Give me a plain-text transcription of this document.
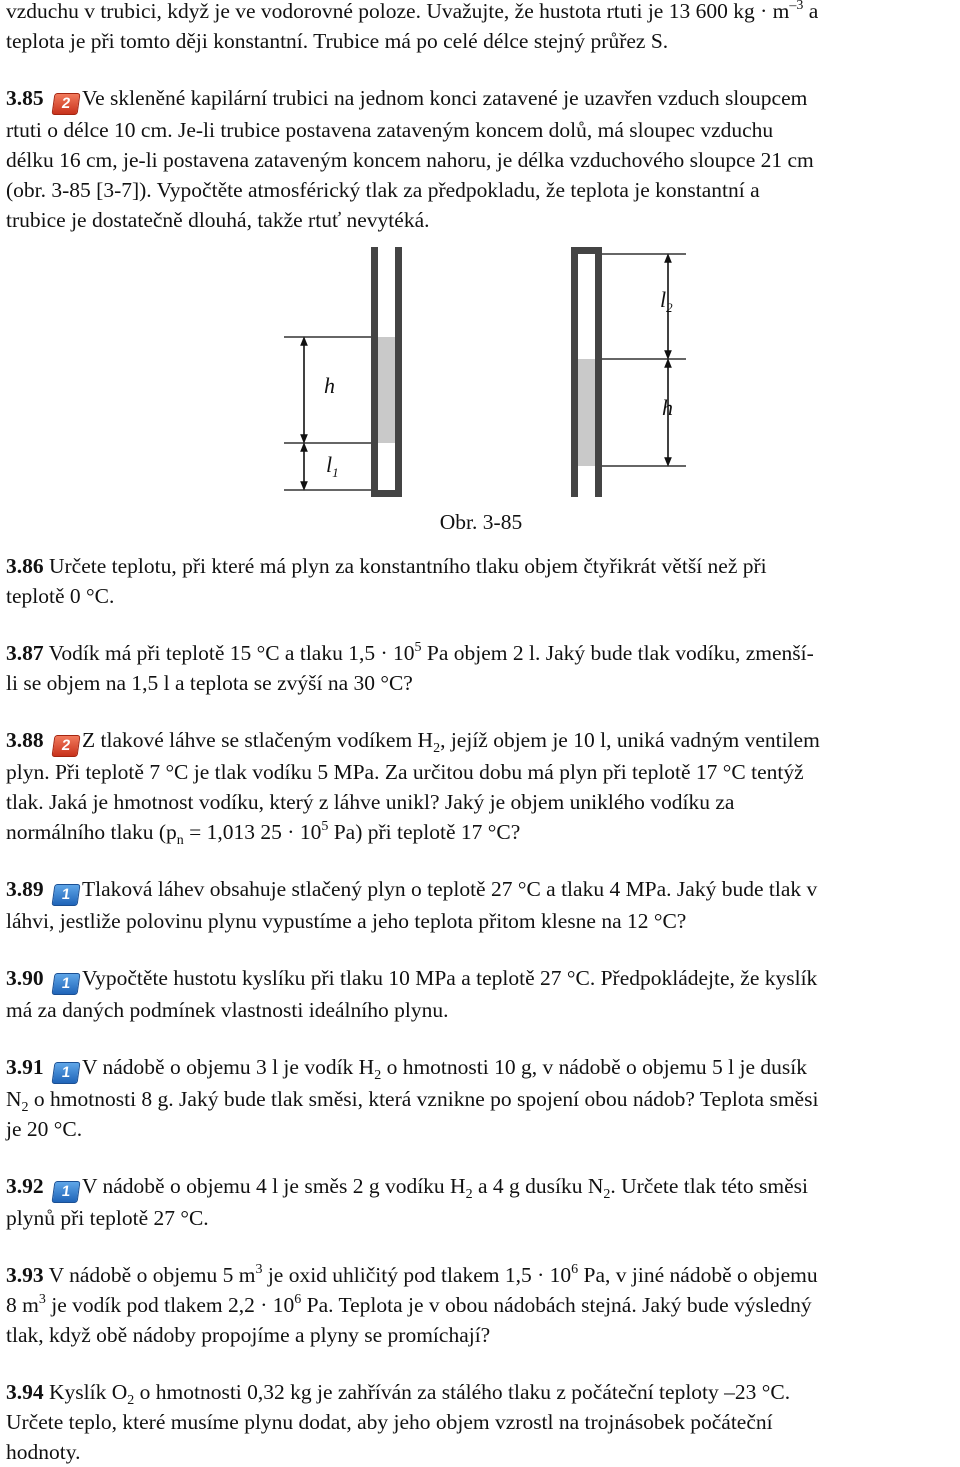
vzduchu v trubici, když je ve vodorovné poloze. Uvažujte, že hustota rtuti je 13 600 kg · $m^{-3}$ a

teplota je při tomto ději konstantní. Trubice má po celé délce stejný průřez S.

3.85 2 Ve skleněné kapilární trubici na jednom konci zatavené je uzavřen vzduch sloupcem

rtuti o délce 10 cm. Je-li trubice postavena zataveným koncem dolů, má sloupec vzduchu

délku 16 cm, je-li postavena zataveným koncem nahoru, je délka vzduchového sloupce 21 cm

(obr. 3-85 [3-7]). Vypočtěte atmosférický tlak za předpokladu, že teplota je konstantní a

trubice je dostatečně dlouhá, takže rtuť nevytéká.

h
$l_1$
$l_2$
h

Obr. 3-85

3.86 Určete teplotu, při které má plyn za konstantního tlaku objem čtyřikrát větší než při

teplotě 0 °C.

3.87 Vodík má při teplotě 15 °C a tlaku $1,5 \cdot 10^5$ Pa objem 2 l. Jaký bude tlak vodíku, zmenší-

li se objem na 1,5 l a teplota se zvýší na 30 °C?

3.88 2 Z tlakové láhve se stlačeným vodíkem $H_2$, jejíž objem je 10 l, uniká vadným ventilem

plyn. Při teplotě 7 °C je tlak vodíku 5 MPa. Za určitou dobu má plyn při teplotě 17 °C tentýž

tlak. Jaká je hmotnost vodíku, který z láhve unikl? Jaký je objem uniklého vodíku za

normálního tlaku ($p_n = 1,013$ $25 \cdot 10^5$ Pa) při teplotě 17 °C?

3.89 1 Tlaková láhev obsahuje stlačený plyn o teplotě 27 °C a tlaku 4 MPa. Jaký bude tlak v

láhvi, jestliže polovinu plynu vypustíme a jeho teplota přitom klesne na 12 °C?

3.90 1 Vypočtěte hustotu kyslíku při tlaku 10 MPa a teplotě 27 °C. Předpokládejte, že kyslík

má za daných podmínek vlastnosti ideálního plynu.

3.91 1 V nádobě o objemu 3 l je vodík $H_2$ o hmotnosti 10 g, v nádobě o objemu 5 l je dusík

$N_2$ o hmotnosti 8 g. Jaký bude tlak směsi, která vznikne po spojení obou nádob? Teplota směsi

je 20 °C.

3.92 1 V nádobě o objemu 4 l je směs 2 g vodíku $H_2$ a 4 g dusíku $N_2$. Určete tlak této směsi

plynů při teplotě 27 °C.

3.93 V nádobě o objemu 5 $m^3$ je oxid uhličitý pod tlakem $1,5 \cdot 10^6$ Pa, v jiné nádobě o objemu

8 $m^3$ je vodík pod tlakem $2,2 \cdot 10^6$ Pa. Teplota je v obou nádobách stejná. Jaký bude výsledný

tlak, když obě nádoby propojíme a plyny se promíchají?

3.94 Kyslík $O_2$ o hmotnosti 0,32 kg je zahříván za stálého tlaku z počáteční teploty –23 °C.

Určete teplo, které musíme plynu dodat, aby jeho objem vzrostl na trojnásobek počáteční

hodnoty.
